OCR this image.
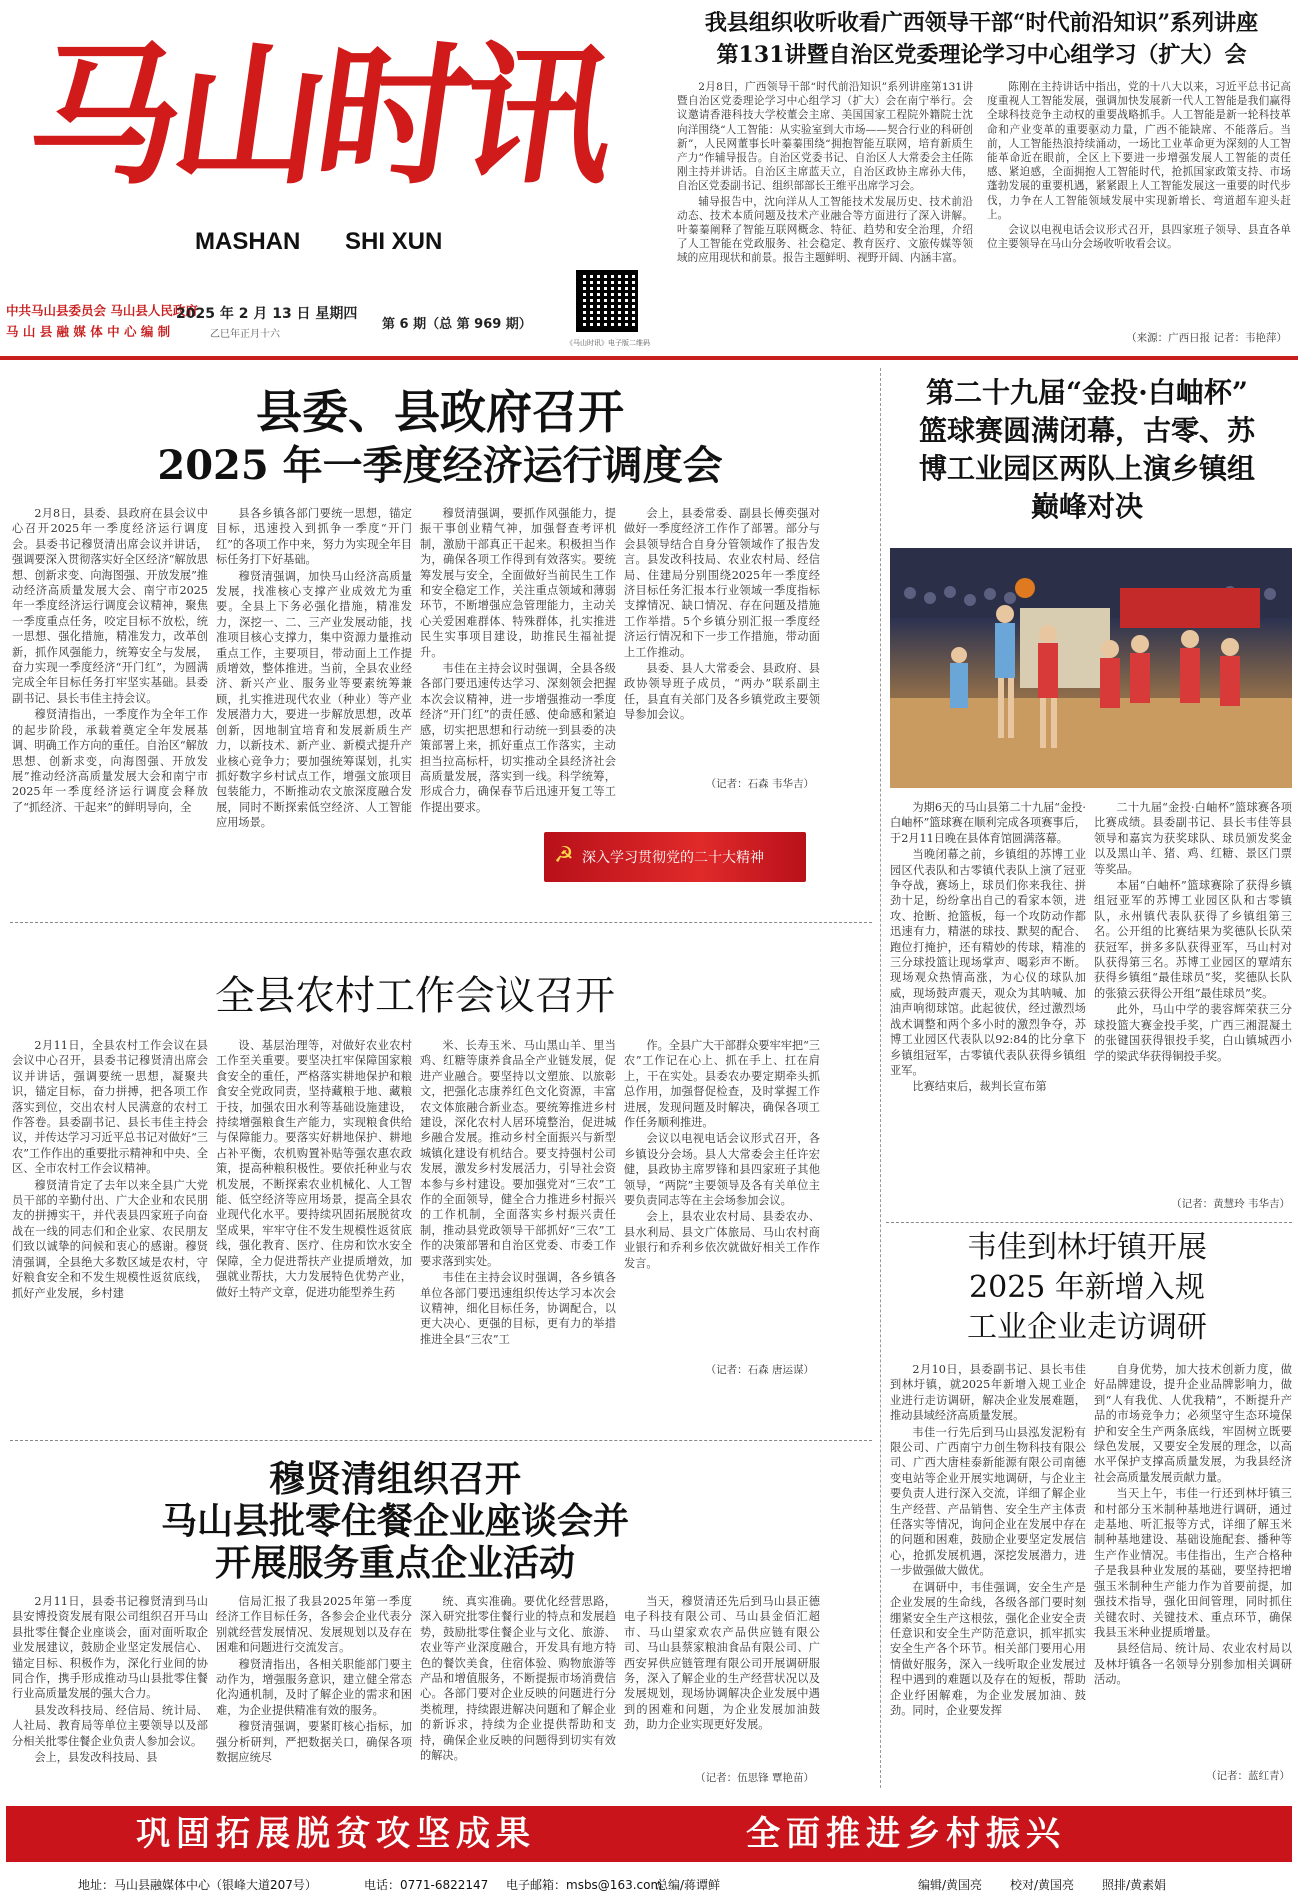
马山时讯
MASHAN SHI XUN
中共马山县委员会 马山县人民政府
马 山 县 融 媒 体 中 心 编 制
2025 年 2 月 13 日 星期四
乙巳年正月十六
第 6 期（总 第 969 期）
《马山时讯》电子版二维码
我县组织收听收看广西领导干部“时代前沿知识”系列讲座
第131讲暨自治区党委理论学习中心组学习（扩大）会

2月8日，广西领导干部“时代前沿知识”系列讲座第131讲暨自治区党委理论学习中心组学习（扩大）会在南宁举行。会议邀请香港科技大学校董会主席、美国国家工程院外籍院士沈向洋围绕“人工智能：从实验室到大市场——契合行业的科研创新”，人民网董事长叶蓁蓁围绕“拥抱智能互联网，培育新质生产力”作辅导报告。自治区党委书记、自治区人大常委会主任陈刚主持并讲话。自治区主席蓝天立，自治区政协主席孙大伟，自治区党委副书记、组织部部长王维平出席学习会。

辅导报告中，沈向洋从人工智能技术发展历史、技术前沿动态、技术本质问题及技术产业融合等方面进行了深入讲解。叶蓁蓁阐释了智能互联网概念、特征、趋势和安全治理，介绍了人工智能在党政服务、社会稳定、教育医疗、文旅传媒等领域的应用现状和前景。报告主题鲜明、视野开阔、内涵丰富。

陈刚在主持讲话中指出，党的十八大以来，习近平总书记高度重视人工智能发展，强调加快发展新一代人工智能是我们赢得全球科技竞争主动权的重要战略抓手。人工智能是新一轮科技革命和产业变革的重要驱动力量，广西不能缺席、不能落后。当前，人工智能热浪持续涌动，一场比工业革命更为深刻的人工智能革命近在眼前，全区上下要进一步增强发展人工智能的责任感、紧迫感，全面拥抱人工智能时代，抢抓国家政策支持、市场蓬勃发展的重要机遇，紧紧跟上人工智能发展这一重要的时代步伐，力争在人工智能领域发展中实现新增长、弯道超车迎头赶上。

会议以电视电话会议形式召开，县四家班子领导、县直各单位主要领导在马山分会场收听收看会议。

（来源：广西日报 记者：韦艳萍）
县委、县政府召开
2025 年一季度经济运行调度会

2月8日，县委、县政府在县会议中心召开2025年一季度经济运行调度会。县委书记穆贤清出席会议并讲话，强调要深入贯彻落实好全区经济“解放思想、创新求变、向海图强、开放发展”推动经济高质量发展大会、南宁市2025年一季度经济运行调度会议精神，聚焦一季度重点任务，咬定目标不放松，统一思想、强化措施，精准发力，改革创新，抓作风强能力，统筹安全与发展，奋力实现一季度经济“开门红”，为圆满完成全年目标任务打牢坚实基础。县委副书记、县长韦佳主持会议。

穆贤清指出，一季度作为全年工作的起步阶段，承载着奠定全年发展基调、明确工作方向的重任。自治区“解放思想、创新求变，向海图强、开放发展”推动经济高质量发展大会和南宁市2025年一季度经济运行调度会释放了“抓经济、干起来”的鲜明导向，全

县各乡镇各部门要统一思想，锚定目标，迅速投入到抓争一季度“开门红”的各项工作中来，努力为实现全年目标任务打下好基础。

穆贤清强调，加快马山经济高质量发展，找准核心支撑产业成效尤为重要。全县上下务必强化措施，精准发力，深挖一、二、三产业发展动能，找准项目核心支撑力，集中资源力量推动重点工作，主要项目，带动面上工作提质增效，整体推进。当前，全县农业经济、新兴产业、服务业等要素统筹兼顾，扎实推进现代农业（种业）等产业发展潜力大，要进一步解放思想，改革创新，因地制宜培育和发展新质生产力，以新技术、新产业、新模式提升产业核心竞争力；要加强统筹谋划，扎实抓好数字乡村试点工作，增强文旅项目包装能力，不断推动农文旅深度融合发展，同时不断探索低空经济、人工智能应用场景。

穆贤清强调，要抓作风强能力，提振干事创业精气神，加强督查考评机制，激励干部真正干起来。积极担当作为，确保各项工作得到有效落实。要统筹发展与安全，全面做好当前民生工作和安全稳定工作，关注重点领域和薄弱环节，不断增强应急管理能力，主动关心关爱困难群体、特殊群体，扎实推进民生实事项目建设，助推民生福祉提升。

韦佳在主持会议时强调，全县各级各部门要迅速传达学习、深刻领会把握本次会议精神，进一步增强推动一季度经济“开门红”的责任感、使命感和紧迫感，切实把思想和行动统一到县委的决策部署上来，抓好重点工作落实，主动担当拉高标杆，切实推动全县经济社会高质量发展，落实到一线。科学统筹，形成合力，确保春节后迅速开复工等工作提出要求。

会上，县委常委、副县长傅奕强对做好一季度经济工作作了部署。部分与会县领导结合自身分管领域作了报告发言。县发改科技局、农业农村局、经信局、住建局分别围绕2025年一季度经济目标任务汇报本行业领域一季度指标支撑情况、缺口情况、存在问题及措施工作举措。5个乡镇分别汇报一季度经济运行情况和下一步工作措施，带动面上工作推动。

县委、县人大常委会、县政府、县政协领导班子成员，“两办”联系副主任，县直有关部门及各乡镇党政主要领导参加会议。

（记者：石森 韦华吉）
☭ 深入学习贯彻党的二十大精神
全县农村工作会议召开

2月11日，全县农村工作会议在县会议中心召开，县委书记穆贤清出席会议并讲话，强调要统一思想，凝聚共识，锚定目标，奋力拼搏，把各项工作落实到位，交出农村人民满意的农村工作答卷。县委副书记、县长韦佳主持会议，并传达学习习近平总书记对做好“三农”工作作出的重要批示精神和中央、全区、全市农村工作会议精神。

穆贤清肯定了去年以来全县广大党员干部的辛勤付出、广大企业和农民朋友的拼搏实干，并代表县四家班子向奋战在一线的同志们和企业家、农民朋友们致以诚挚的问候和衷心的感谢。穆贤清强调，全县绝大多数区域是农村，守好粮食安全和不发生规模性返贫底线，抓好产业发展，乡村建

设、基层治理等，对做好农业农村工作至关重要。要坚决扛牢保障国家粮食安全的重任，严格落实耕地保护和粮食安全党政同责，坚持藏粮于地、藏粮于技，加强农田水利等基础设施建设，持续增强粮食生产能力，实现粮食供给与保障能力。要落实好耕地保护、耕地占补平衡，农机购置补贴等强农惠农政策，提高种粮积极性。要依托种业与农机发展，不断探索农业机械化、人工智能、低空经济等应用场景，提高全县农业现代化水平。要持续巩固拓展脱贫攻坚成果，牢牢守住不发生规模性返贫底线，强化教育、医疗、住房和饮水安全保障，全力促进帮扶产业提质增效，加强就业帮扶，大力发展特色优势产业，做好土特产文章，促进功能型养生药

米、长寿玉米、马山黑山羊、里当鸡、红糖等康养食品全产业链发展，促进产业融合。要坚持以文塑旅、以旅彰文，把强化志康养红色文化资源，丰富农文体旅融合新业态。要统筹推进乡村建设，深化农村人居环境整治，促进城乡融合发展。推动乡村全面振兴与新型城镇化建设有机结合。要支持强村公司发展，激发乡村发展活力，引导社会资本参与乡村建设。要加强党对“三农”工作的全面领导，健全合力推进乡村振兴的工作机制，全面落实乡村振兴责任制，推动县党政领导干部抓好“三农”工作的决策部署和自治区党委、市委工作要求落到实处。

韦佳在主持会议时强调，各乡镇各单位各部门要迅速组织传达学习本次会议精神，细化目标任务，协调配合，以更大决心、更强的目标，更有力的举措推进全县“三农”工

作。全县广大干部群众要牢牢把“三农”工作记在心上、抓在手上、扛在肩上，干在实处。县委农办要定期牵头抓总作用，加强督促检查，及时掌握工作进展，发现问题及时解决，确保各项工作任务顺利推进。

会议以电视电话会议形式召开，各乡镇设分会场。县人大常委会主任许宏健，县政协主席罗锋和县四家班子其他领导，“两院”主要领导及各有关单位主要负责同志等在主会场参加会议。

会上，县农业农村局、县委农办、县水利局、县文广体旅局、马山农村商业银行和乔利乡依次就做好相关工作作发言。

（记者：石森 唐运谋）
穆贤清组织召开
马山县批零住餐企业座谈会并
开展服务重点企业活动

2月11日，县委书记穆贤清到马山县安博投资发展有限公司组织召开马山县批零住餐企业座谈会，面对面听取企业发展建议，鼓励企业坚定发展信心、锚定目标、积极作为，深化行业间的协同合作，携手形成推动马山县批零住餐行业高质量发展的强大合力。

县发改科技局、经信局、统计局、人社局、教育局等单位主要领导以及部分相关批零住餐企业负责人参加会议。

会上，县发改科技局、县

信局汇报了我县2025年第一季度经济工作目标任务，各参会企业代表分别就经营发展情况、发展规划以及存在困难和问题进行交流发言。

穆贤清指出，各相关职能部门要主动作为，增强服务意识，建立健全常态化沟通机制，及时了解企业的需求和困难，为企业提供精准有效的服务。

穆贤清强调，要紧盯核心指标，加强分析研判，严把数据关口，确保各项数据应统尽

统、真实准确。要优化经营思路，深入研究批零住餐行业的特点和发展趋势，鼓励批零住餐企业与文化、旅游、农业等产业深度融合，开发具有地方特色的餐饮美食，住宿体验、购物旅游等产品和增值服务，不断提振市场消费信心。各部门要对企业反映的问题进行分类梳理，持续跟进解决问题和了解企业的新诉求，持续为企业提供帮助和支持，确保企业反映的问题得到切实有效的解决。

当天，穆贤清还先后到马山县正德电子科技有限公司、马山县金佰汇超市、马山望家欢农产品供应链有限公司、马山县蔡家粮油食品有限公司、广西安昇供应链管理有限公司开展调研服务，深入了解企业的生产经营状况以及发展规划，现场协调解决企业发展中遇到的困难和问题，为企业发展加油鼓劲，助力企业实现更好发展。

（记者：伍思锋 覃艳苗）
第二十九届“金投·白岫杯”
篮球赛圆满闭幕，古零、苏
博工业园区两队上演乡镇组
巅峰对决

为期6天的马山县第二十九届“金投·白岫杯”篮球赛在顺利完成各项赛事后，于2月11日晚在县体育馆圆满落幕。

当晚闭幕之前，乡镇组的苏博工业园区代表队和古零镇代表队上演了冠亚争夺战，赛场上，球员们你来我往、拼劲十足，纷纷拿出自己的看家本领，进攻、抢断、抢篮板，每一个攻防动作都迅速有力，精湛的球技、默契的配合、跑位打掩护，还有精妙的传球，精准的三分球投篮让现场掌声、喝彩声不断。现场观众热情高涨，为心仪的球队加威，现场鼓声震天，观众为其呐喊、加油声响彻球馆。此起彼伏，经过激烈场战术调整和两个多小时的激烈争夺，苏博工业园区代表队以92:84的比分拿下乡镇组冠军，古零镇代表队获得乡镇组亚军。

比赛结束后，裁判长宣布第

二十九届“金投·白岫杯”篮球赛各项比赛成绩。县委副书记、县长韦佳等县领导和嘉宾为获奖球队、球员颁发奖金以及黑山羊、猪、鸡、红糖、景区门票等奖品。

本届“白岫杯”篮球赛除了获得乡镇组冠亚军的苏博工业园区队和古零镇队，永州镇代表队获得了乡镇组第三名。公开组的比赛结果为奖德队长队荣获冠军，拼多多队获得亚军，马山村对队获得第三名。苏博工业园区的覃靖东获得乡镇组“最佳球员”奖，奖德队长队的张猿云获得公开组“最佳球员”奖。

此外，马山中学的裴容辉荣获三分球投篮大赛金投手奖，广西三湘混凝土的张键国获得银投手奖，白山镇城西小学的梁武华获得铜投手奖。

（记者：黄慧玲 韦华吉）
韦佳到林圩镇开展
2025 年新增入规
工业企业走访调研

2月10日，县委副书记、县长韦佳到林圩镇，就2025年新增入规工业企业进行走访调研，解决企业发展难题，推动县域经济高质量发展。

韦佳一行先后到马山县泓发泥粉有限公司、广西南宁力创生物科技有限公司、广西大唐桂泰新能源有限公司南德变电站等企业开展实地调研，与企业主要负责人进行深入交流，详细了解企业生产经营、产品销售、安全生产主体责任落实等情况，询问企业在发展中存在的问题和困难，鼓励企业要坚定发展信心，抢抓发展机遇，深挖发展潜力，进一步做强做大做优。

在调研中，韦佳强调，安全生产是企业发展的生命线，各级各部门要时刻绷紧安全生产这根弦，强化企业安全责任意识和安全生产防范意识，抓牢抓实安全生产各个环节。相关部门要用心用情做好服务，深入一线听取企业发展过程中遇到的难题以及存在的短板，帮助企业纾困解难，为企业发展加油、鼓劲。同时，企业要发挥

自身优势，加大技术创新力度，做好品牌建设，提升企业品牌影响力，做到“人有我优、人优我精”，不断提升产品的市场竞争力；必须坚守生态环境保护和安全生产两条底线，牢固树立既要绿色发展，又要安全发展的理念，以高水平保护支撑高质量发展，为我县经济社会高质量发展贡献力量。

当天上午，韦佳一行还到林圩镇三和村部分玉米制种基地进行调研，通过走基地、听汇报等方式，详细了解玉米制种基地建设、基础设施配套、播种等生产作业情况。韦佳指出，生产合格种子是我县种业发展的基础，要坚持把增强玉米制种生产能力作为首要前提，加强技术指导，强化田间管理，同时抓住关键农时、关键技术、重点环节，确保我县玉米种业提质增量。

县经信局、统计局、农业农村局以及林圩镇各一名领导分别参加相关调研活动。

（记者：蓝红青）
巩固拓展脱贫攻坚成果	全面推进乡村振兴
地址：马山县融媒体中心（银峰大道207号）	电话：0771-6822147 电子邮箱：msbs@163.com
总编/蒋谭鲜	编辑/黄国亮 校对/黄国亮 照排/黄素娟
